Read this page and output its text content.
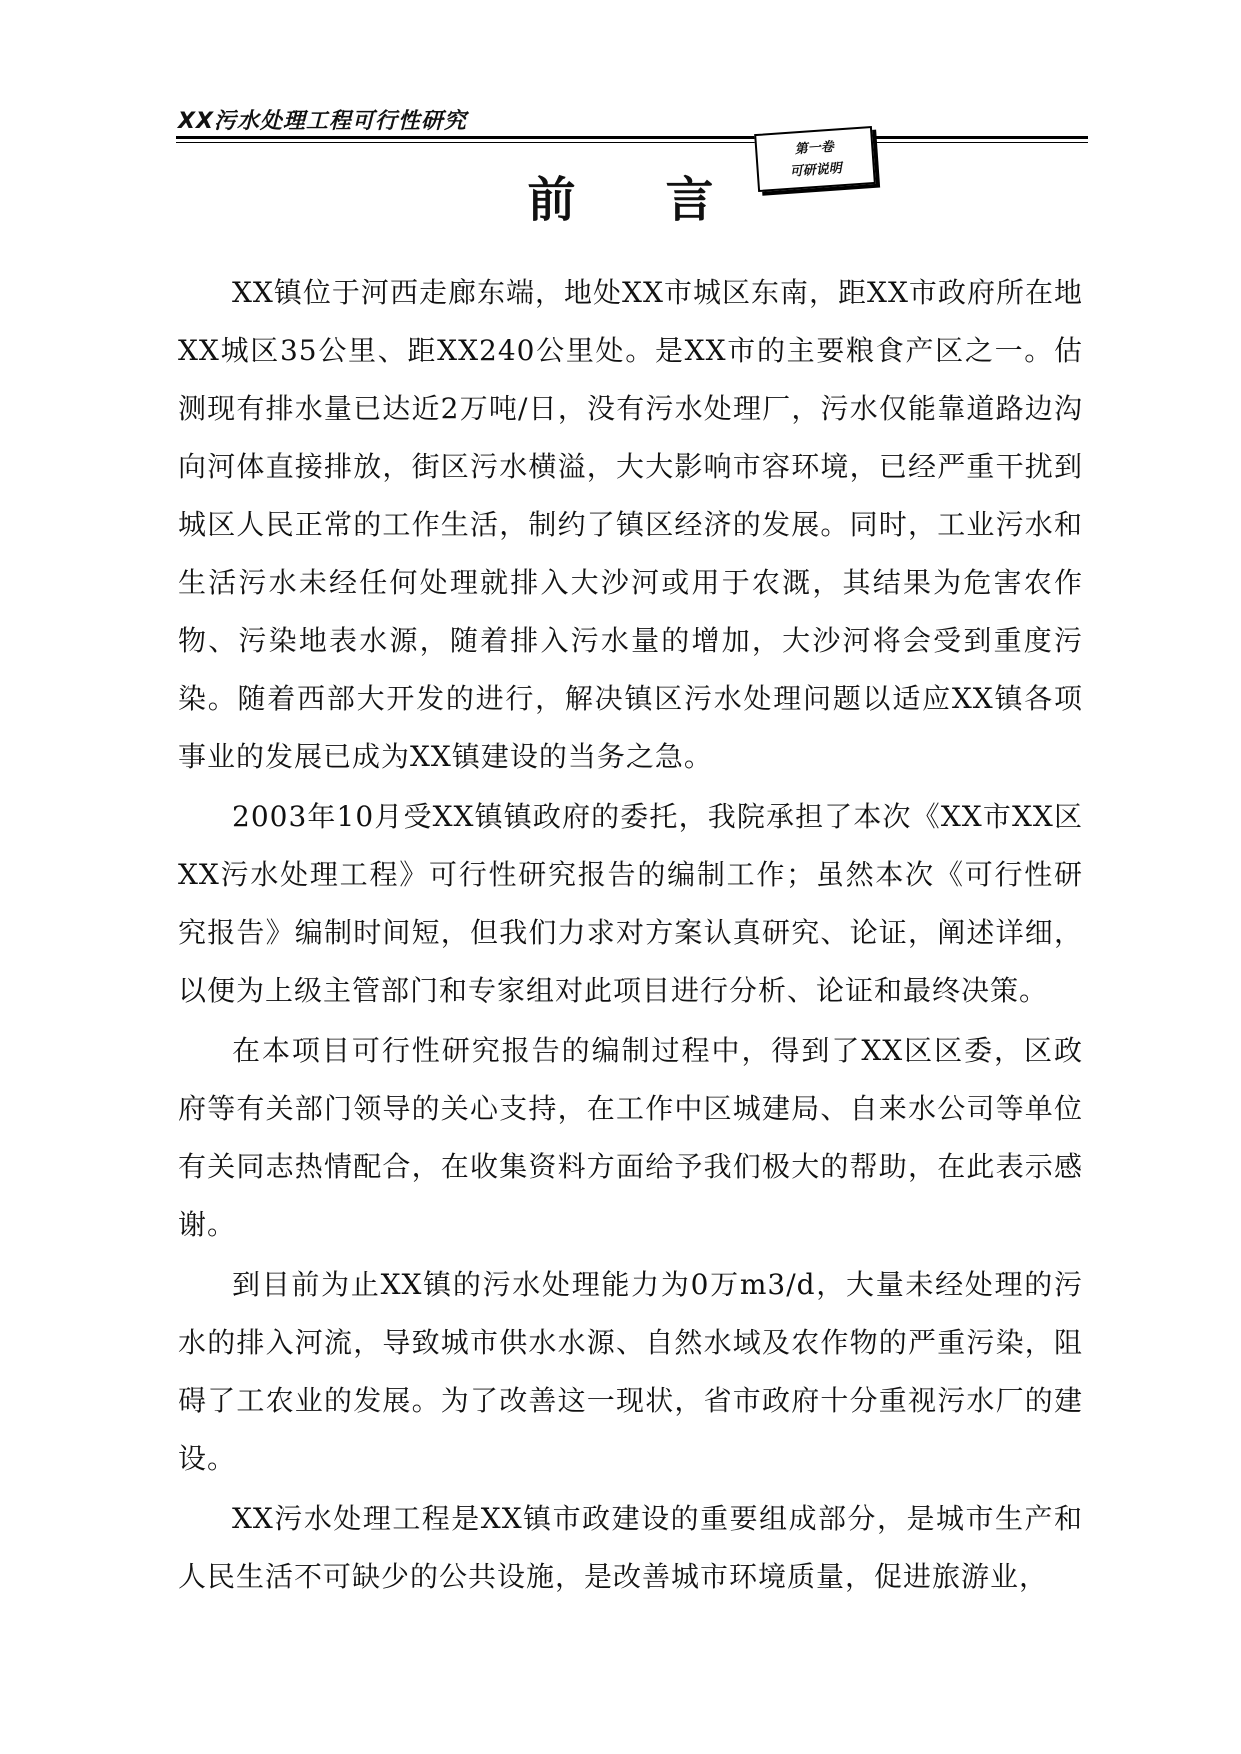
XX污水处理工程可行性研究
第一卷
可研说明
前言

XX镇位于河西走廊东端，地处XX市城区东南，距XX市政府所在地XX城区35公里、距XX240公里处。是XX市的主要粮食产区之一。估测现有排水量已达近2万吨/日，没有污水处理厂，污水仅能靠道路边沟向河体直接排放，街区污水横溢，大大影响市容环境，已经严重干扰到城区人民正常的工作生活，制约了镇区经济的发展。同时，工业污水和生活污水未经任何处理就排入大沙河或用于农溉，其结果为危害农作物、污染地表水源，随着排入污水量的增加，大沙河将会受到重度污染。随着西部大开发的进行，解决镇区污水处理问题以适应XX镇各项事业的发展已成为XX镇建设的当务之急。

2003年10月受XX镇镇政府的委托，我院承担了本次《XX市XX区XX污水处理工程》可行性研究报告的编制工作；虽然本次《可行性研究报告》编制时间短，但我们力求对方案认真研究、论证，阐述详细，以便为上级主管部门和专家组对此项目进行分析、论证和最终决策。

在本项目可行性研究报告的编制过程中，得到了XX区区委，区政府等有关部门领导的关心支持，在工作中区城建局、自来水公司等单位有关同志热情配合，在收集资料方面给予我们极大的帮助，在此表示感谢。

到目前为止XX镇的污水处理能力为0万m3/d，大量未经处理的污水的排入河流，导致城市供水水源、自然水域及农作物的严重污染，阻碍了工农业的发展。为了改善这一现状，省市政府十分重视污水厂的建设。

XX污水处理工程是XX镇市政建设的重要组成部分，是城市生产和人民生活不可缺少的公共设施，是改善城市环境质量，促进旅游业，
